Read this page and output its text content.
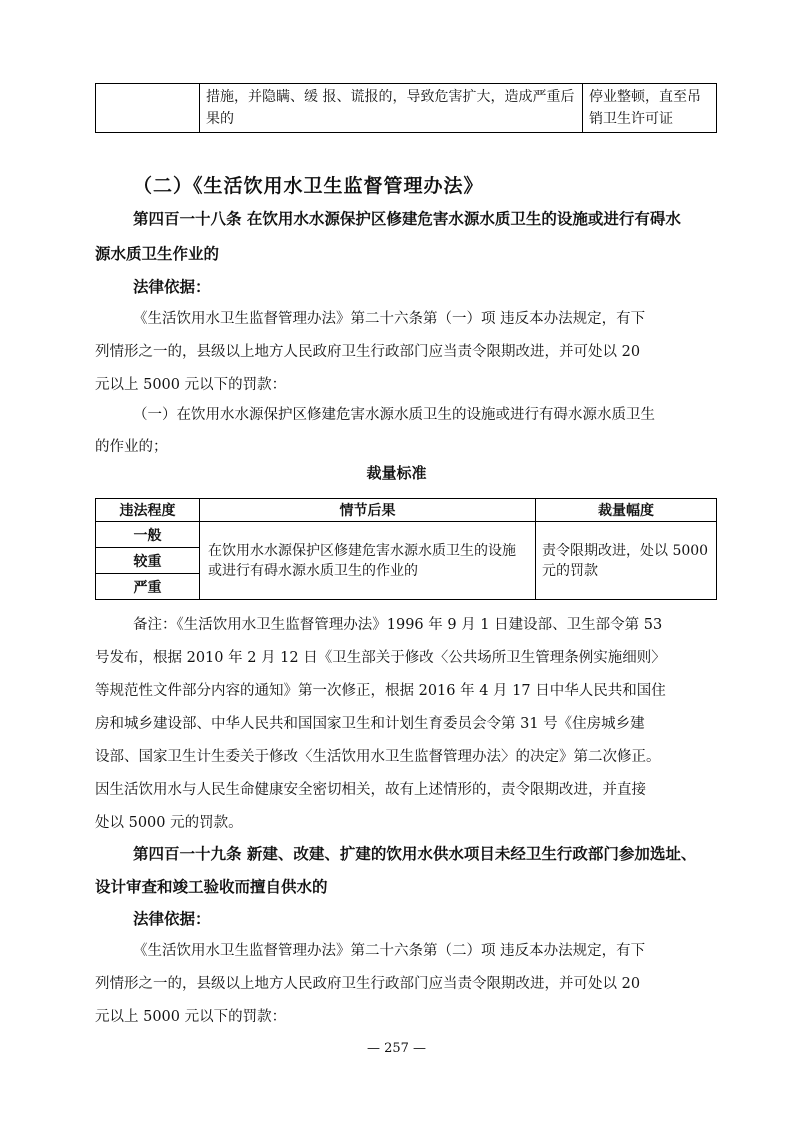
	措施，并隐瞒、缓 报、谎报的，导致危害扩大，造成严重后果的	停业整顿，直至吊销卫生许可证
（二）《生活饮用水卫生监督管理办法》
第四百一十八条 在饮用水水源保护区修建危害水源水质卫生的设施或进行有碍水
源水质卫生作业的
法律依据：
《生活饮用水卫生监督管理办法》第二十六条第（一）项 违反本办法规定，有下
列情形之一的，县级以上地方人民政府卫生行政部门应当责令限期改进，并可处以 20
元以上 5000 元以下的罚款：
（一）在饮用水水源保护区修建危害水源水质卫生的设施或进行有碍水源水质卫生
的作业的；
裁量标准
违法程度	情节后果	裁量幅度
一般	在饮用水水源保护区修建危害水源水质卫生的设施或进行有碍水源水质卫生的作业的	责令限期改进，处以 5000 元的罚款
较重		
严重		
备注：《生活饮用水卫生监督管理办法》1996 年 9 月 1 日建设部、卫生部令第 53
号发布，根据 2010 年 2 月 12 日《卫生部关于修改〈公共场所卫生管理条例实施细则〉
等规范性文件部分内容的通知》第一次修正，根据 2016 年 4 月 17 日中华人民共和国住
房和城乡建设部、中华人民共和国国家卫生和计划生育委员会令第 31 号《住房城乡建
设部、国家卫生计生委关于修改〈生活饮用水卫生监督管理办法〉的决定》第二次修正。
因生活饮用水与人民生命健康安全密切相关，故有上述情形的，责令限期改进，并直接
处以 5000 元的罚款。
第四百一十九条 新建、改建、扩建的饮用水供水项目未经卫生行政部门参加选址、
设计审查和竣工验收而擅自供水的
法律依据：
《生活饮用水卫生监督管理办法》第二十六条第（二）项 违反本办法规定，有下
列情形之一的，县级以上地方人民政府卫生行政部门应当责令限期改进，并可处以 20
元以上 5000 元以下的罚款：
— 257 —
